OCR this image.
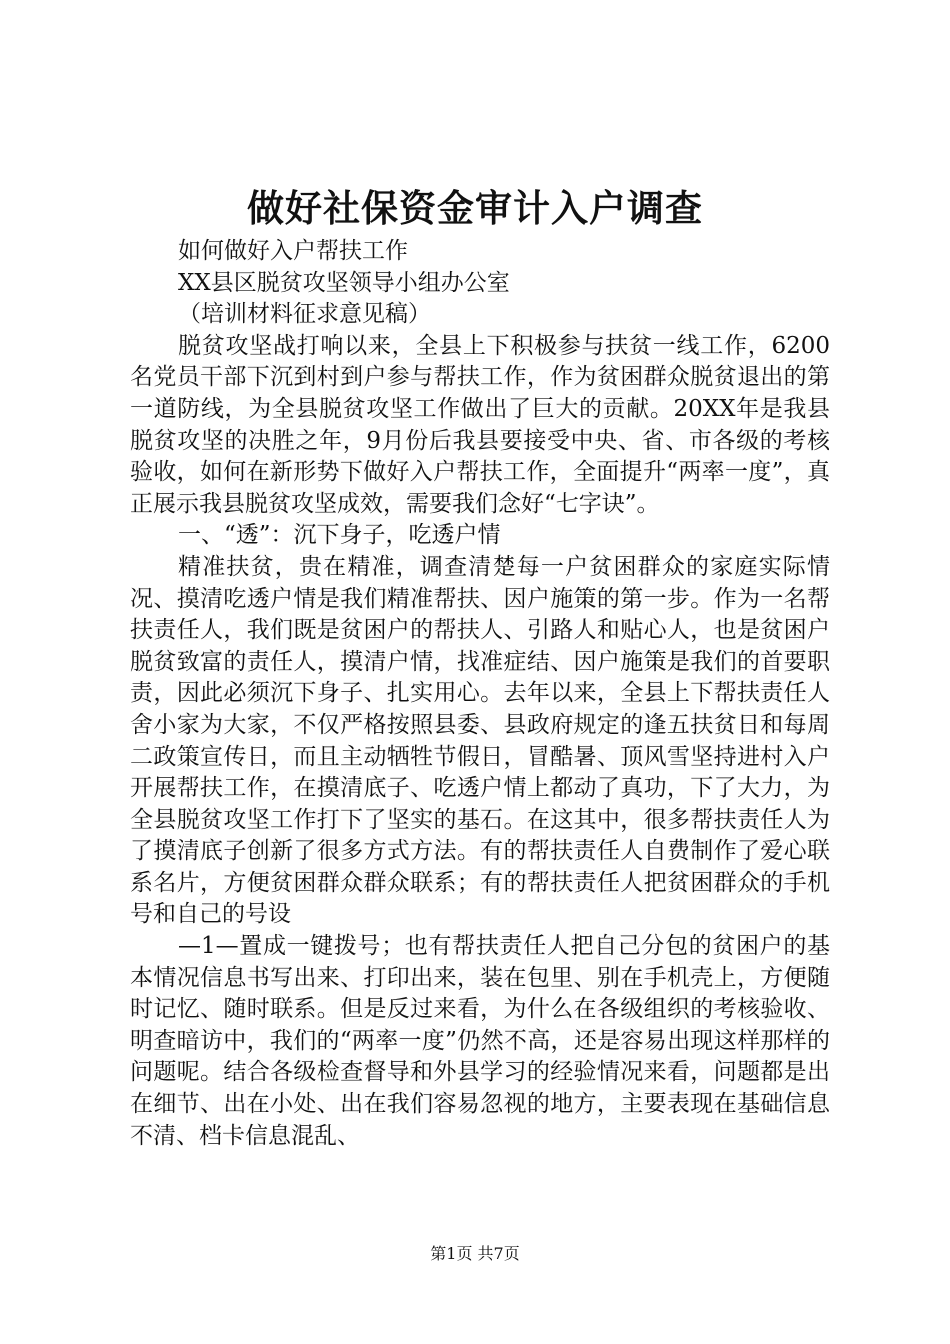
做好社保资金审计入户调查

如何做好入户帮扶工作

XX县区脱贫攻坚领导小组办公室

（培训材料征求意见稿）

脱贫攻坚战打响以来，全县上下积极参与扶贫一线工作，6200名党员干部下沉到村到户参与帮扶工作，作为贫困群众脱贫退出的第一道防线，为全县脱贫攻坚工作做出了巨大的贡献。20XX年是我县脱贫攻坚的决胜之年，9月份后我县要接受中央、省、市各级的考核验收，如何在新形势下做好入户帮扶工作，全面提升“两率一度”，真正展示我县脱贫攻坚成效，需要我们念好“七字诀”。

一、“透”：沉下身子，吃透户情

精准扶贫，贵在精准，调查清楚每一户贫困群众的家庭实际情况、摸清吃透户情是我们精准帮扶、因户施策的第一步。作为一名帮扶责任人，我们既是贫困户的帮扶人、引路人和贴心人，也是贫困户脱贫致富的责任人，摸清户情，找准症结、因户施策是我们的首要职责，因此必须沉下身子、扎实用心。去年以来，全县上下帮扶责任人舍小家为大家，不仅严格按照县委、县政府规定的逢五扶贫日和每周二政策宣传日，而且主动牺牲节假日，冒酷暑、顶风雪坚持进村入户开展帮扶工作，在摸清底子、吃透户情上都动了真功，下了大力，为全县脱贫攻坚工作打下了坚实的基石。在这其中，很多帮扶责任人为了摸清底子创新了很多方式方法。有的帮扶责任人自费制作了爱心联系名片，方便贫困群众群众联系；有的帮扶责任人把贫困群众的手机号和自己的号设

—1—置成一键拨号；也有帮扶责任人把自己分包的贫困户的基本情况信息书写出来、打印出来，装在包里、别在手机壳上，方便随时记忆、随时联系。但是反过来看，为什么在各级组织的考核验收、明查暗访中，我们的“两率一度”仍然不高，还是容易出现这样那样的问题呢。结合各级检查督导和外县学习的经验情况来看，问题都是出在细节、出在小处、出在我们容易忽视的地方，主要表现在基础信息不清、档卡信息混乱、

第1页 共7页
